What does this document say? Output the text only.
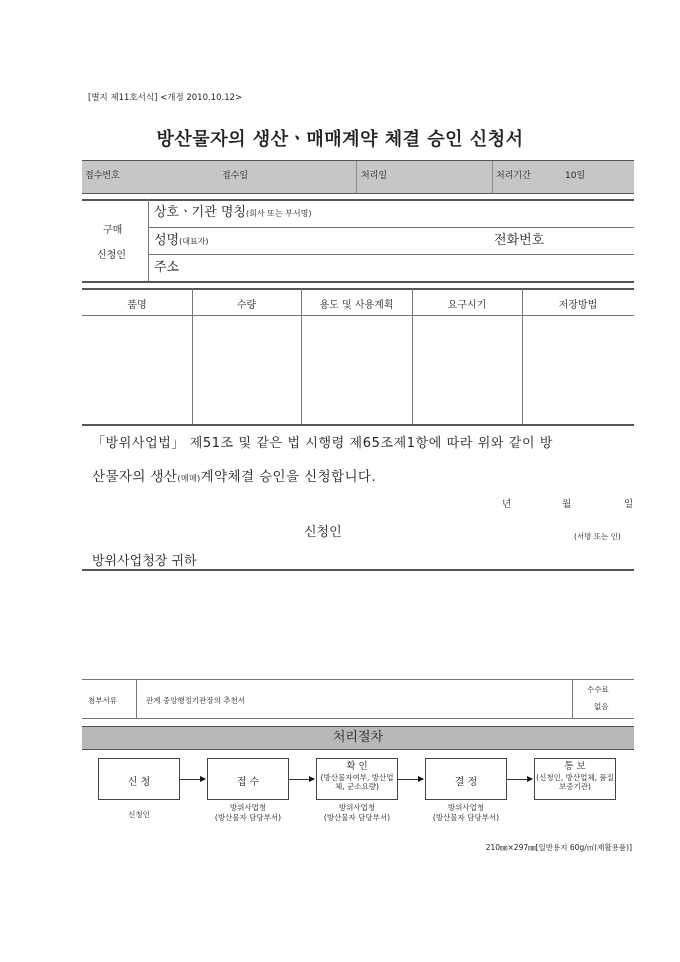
[별지 제11호서식] <개정 2010.10.12>
방산물자의 생산ㆍ매매계약 체결 승인 신청서
접수번호	접수일	처리일	처리기간	10일
구매
신청인
상호ㆍ기관 명칭(회사 또는 부서명)
성명(대표자)	전화번호
주소
품명	수량	용도 및 사용계획	요구시기	저장방법
「방위사업법」 제51조 및 같은 법 시행령 제65조제1항에 따라 위와 같이 방
산물자의 생산(매매)계약체결 승인을 신청합니다.
년	월	일
신청인	(서명 또는 인)
방위사업청장 귀하
첨부서류	관계 중앙행정기관장의 추천서
수수료
없음
처리절차
신 청	접 수
확 인
(방산물자여부, 방산업체, 군소요량)	결 정
통 보
(신청인, 방산업체, 품질보증기관)
신청인
방위사업청
(방산물자 담당부서)
방위사업청
(방산물자 담당부서)
방위사업청
(방산물자 담당부서)
210㎜×297㎜[일반용지 60g/㎡(재활용품)]
